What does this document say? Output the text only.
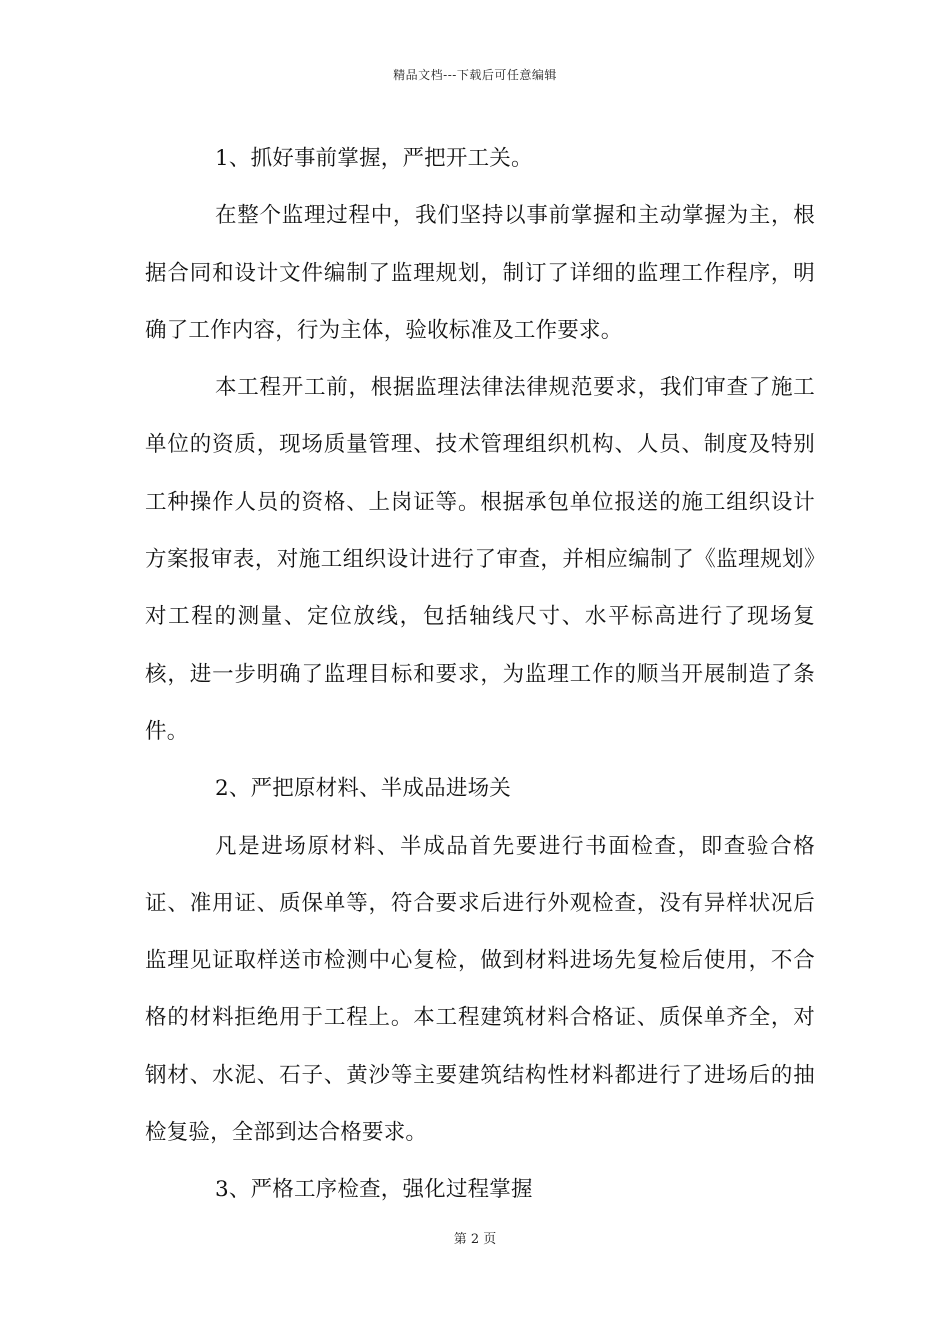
精品文档---下载后可任意编辑

1、抓好事前掌握，严把开工关。

在整个监理过程中，我们坚持以事前掌握和主动掌握为主，根据合同和设计文件编制了监理规划，制订了详细的监理工作程序，明确了工作内容，行为主体，验收标准及工作要求。

本工程开工前，根据监理法律法律规范要求，我们审查了施工单位的资质，现场质量管理、技术管理组织机构、人员、制度及特别工种操作人员的资格、上岗证等。根据承包单位报送的施工组织设计方案报审表，对施工组织设计进行了审查，并相应编制了《监理规划》对工程的测量、定位放线，包括轴线尺寸、水平标高进行了现场复核，进一步明确了监理目标和要求，为监理工作的顺当开展制造了条件。

2、严把原材料、半成品进场关

凡是进场原材料、半成品首先要进行书面检查，即查验合格证、准用证、质保单等，符合要求后进行外观检查，没有异样状况后监理见证取样送市检测中心复检，做到材料进场先复检后使用，不合格的材料拒绝用于工程上。本工程建筑材料合格证、质保单齐全，对钢材、水泥、石子、黄沙等主要建筑结构性材料都进行了进场后的抽检复验，全部到达合格要求。

3、严格工序检查，强化过程掌握

第 2 页
